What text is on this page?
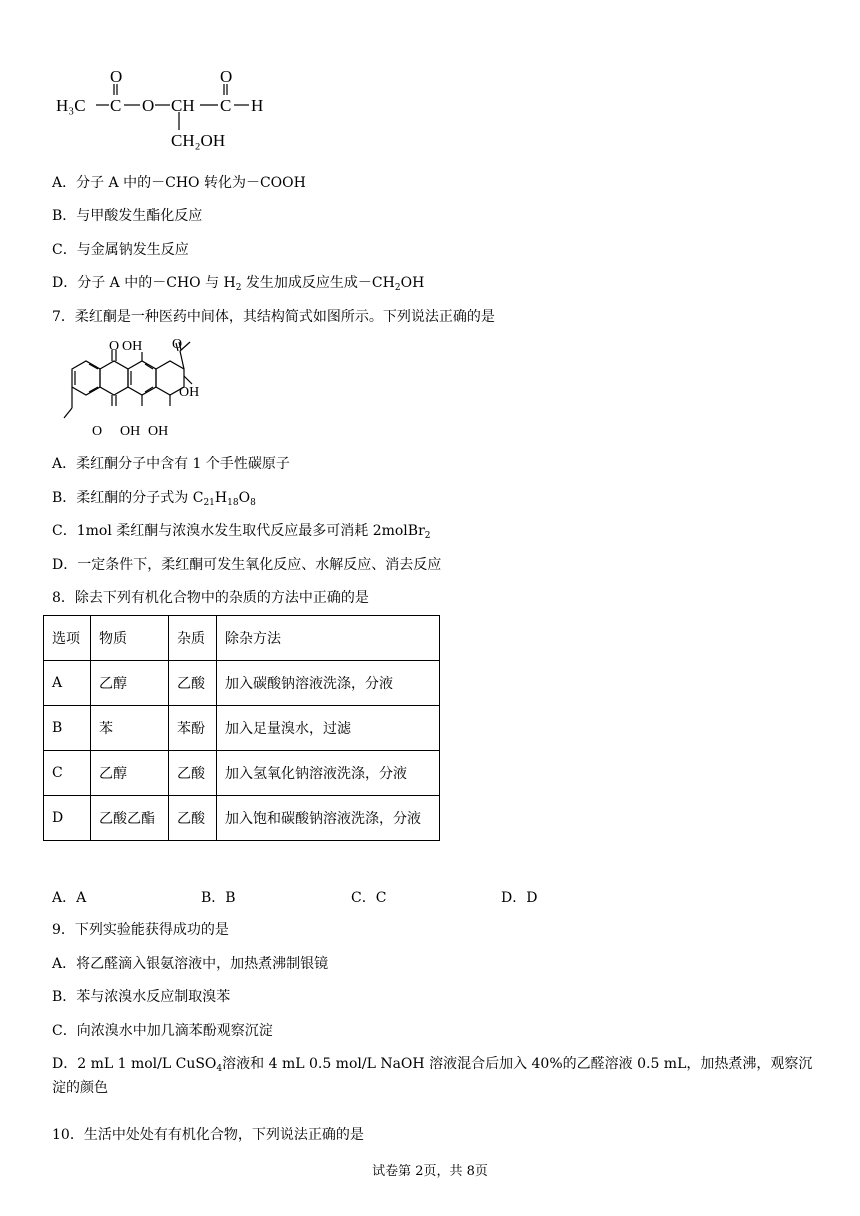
H₃C
O
C O CH C H
O
CH₂OH
A．分子 A 中的－CHO 转化为－COOH
B．与甲酸发生酯化反应
C．与金属钠发生反应
D．分子 A 中的－CHO 与 $H_2$ 发生加成反应生成$-CH_2OH$
7．柔红酮是一种医药中间体，其结构简式如图所示。下列说法正确的是
O OH O
OH
O OH OH
A．柔红酮分子中含有 1 个手性碳原子
B．柔红酮的分子式为 $C_{21}H_{18}O_8$
C．1mol 柔红酮与浓溴水发生取代反应最多可消耗 2molBr$_2$
D．一定条件下，柔红酮可发生氧化反应、水解反应、消去反应
8．除去下列有机化合物中的杂质的方法中正确的是
选项	物质	杂质	除杂方法
A	乙醇	乙酸	加入碳酸钠溶液洗涤，分液
B	苯	苯酚	加入足量溴水，过滤
C	乙醇	乙酸	加入氢氧化钠溶液洗涤，分液
D	乙酸乙酯	乙酸	加入饱和碳酸钠溶液洗涤，分液
A．A	B．B	C．C	D．D
9．下列实验能获得成功的是
A．将乙醛滴入银氨溶液中，加热煮沸制银镜
B．苯与浓溴水反应制取溴苯
C．向浓溴水中加几滴苯酚观察沉淀
D．2 mL 1 mol/L CuSO$_4$溶液和 4 mL 0.5 mol/L NaOH 溶液混合后加入 40%的乙醛溶液 0.5 mL，加热煮沸，观察沉淀的颜色
10．生活中处处有有机化合物，下列说法正确的是
试卷第 2页，共 8页
